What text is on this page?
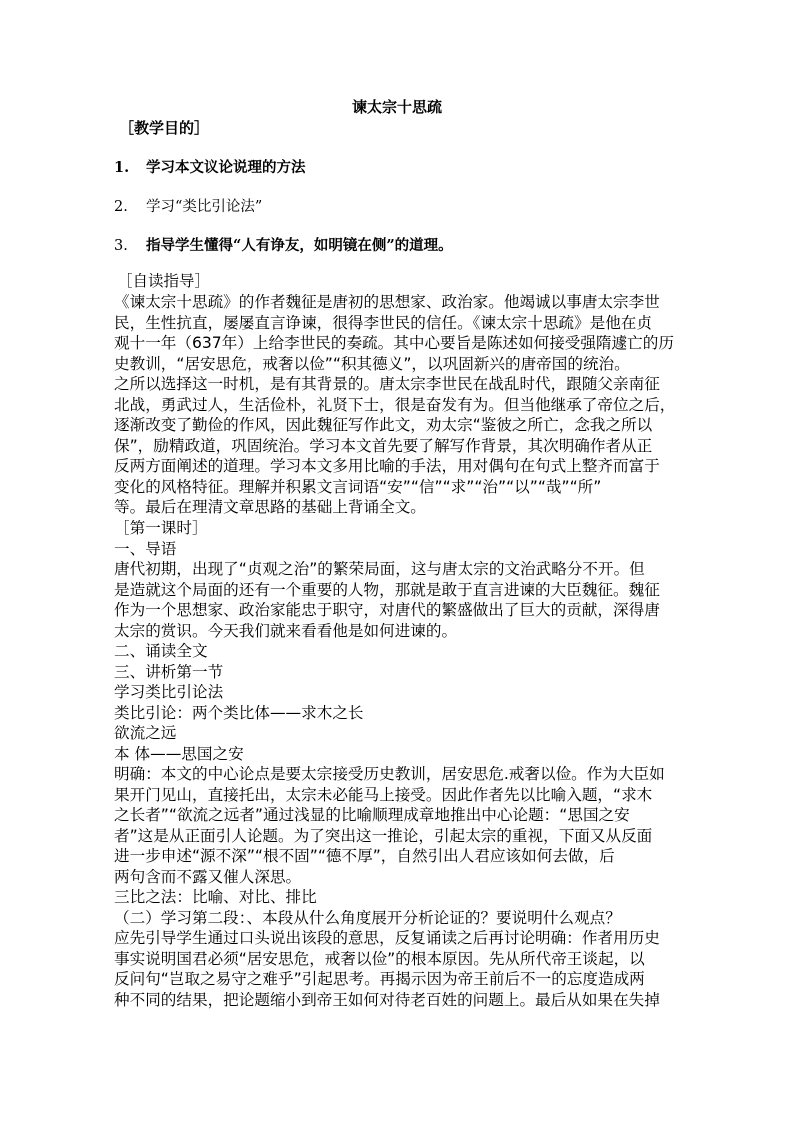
谏太宗十思疏
［教学目的］
1. 学习本文议论说理的方法
2. 学习“类比引论法”
3. 指导学生懂得“人有诤友，如明镜在侧”的道理。
［自读指导］
《谏太宗十思疏》的作者魏征是唐初的思想家、政治家。他竭诚以事唐太宗李世
民，生性抗直，屡屡直言诤谏，很得李世民的信任。《谏太宗十思疏》是他在贞
观十一年（637年）上给李世民的奏疏。其中心要旨是陈述如何接受强隋遽亡的历
史教训，“居安思危，戒奢以俭”“积其德义”，以巩固新兴的唐帝国的统治。
之所以选择这一时机，是有其背景的。唐太宗李世民在战乱时代，跟随父亲南征
北战，勇武过人，生活俭朴，礼贤下士，很是奋发有为。但当他继承了帝位之后，
逐渐改变了勤俭的作风，因此魏征写作此文，劝太宗“鉴彼之所亡，念我之所以
保”，励精政道，巩固统治。学习本文首先要了解写作背景，其次明确作者从正
反两方面阐述的道理。学习本文多用比喻的手法，用对偶句在句式上整齐而富于
变化的风格特征。理解并积累文言词语“安”“信”“求”“治”“以”“哉”“所”
等。最后在理清文章思路的基础上背诵全文。
［第一课时］
一、导语
唐代初期，出现了“贞观之治”的繁荣局面，这与唐太宗的文治武略分不开。但
是造就这个局面的还有一个重要的人物，那就是敢于直言进谏的大臣魏征。魏征
作为一个思想家、政治家能忠于职守，对唐代的繁盛做出了巨大的贡献，深得唐
太宗的赏识。今天我们就来看看他是如何进谏的。
二、诵读全文
三、讲析第一节
学习类比引论法
类比引论：两个类比体——求木之长
欲流之远
本 体——思国之安
明确：本文的中心论点是要太宗接受历史教训，居安思危.戒奢以俭。作为大臣如
果开门见山，直接托出，太宗未必能马上接受。因此作者先以比喻入题，“求木
之长者”“欲流之远者”通过浅显的比喻顺理成章地推出中心论题：“思国之安
者”这是从正面引人论题。为了突出这一推论，引起太宗的重视，下面又从反面
进一步申述“源不深”“根不固”“德不厚”，自然引出人君应该如何去做，后
两句含而不露又催人深思。
三比之法：比喻、对比、排比
（二）学习第二段：、本段从什么角度展开分析论证的？要说明什么观点？
应先引导学生通过口头说出该段的意思，反复诵读之后再讨论明确：作者用历史
事实说明国君必须“居安思危，戒奢以俭”的根本原因。先从所代帝王谈起，以
反问句“岂取之易守之难乎”引起思考。再揭示因为帝王前后不一的忘度造成两
种不同的结果，把论题缩小到帝王如何对待老百姓的问题上。最后从如果在失掉
